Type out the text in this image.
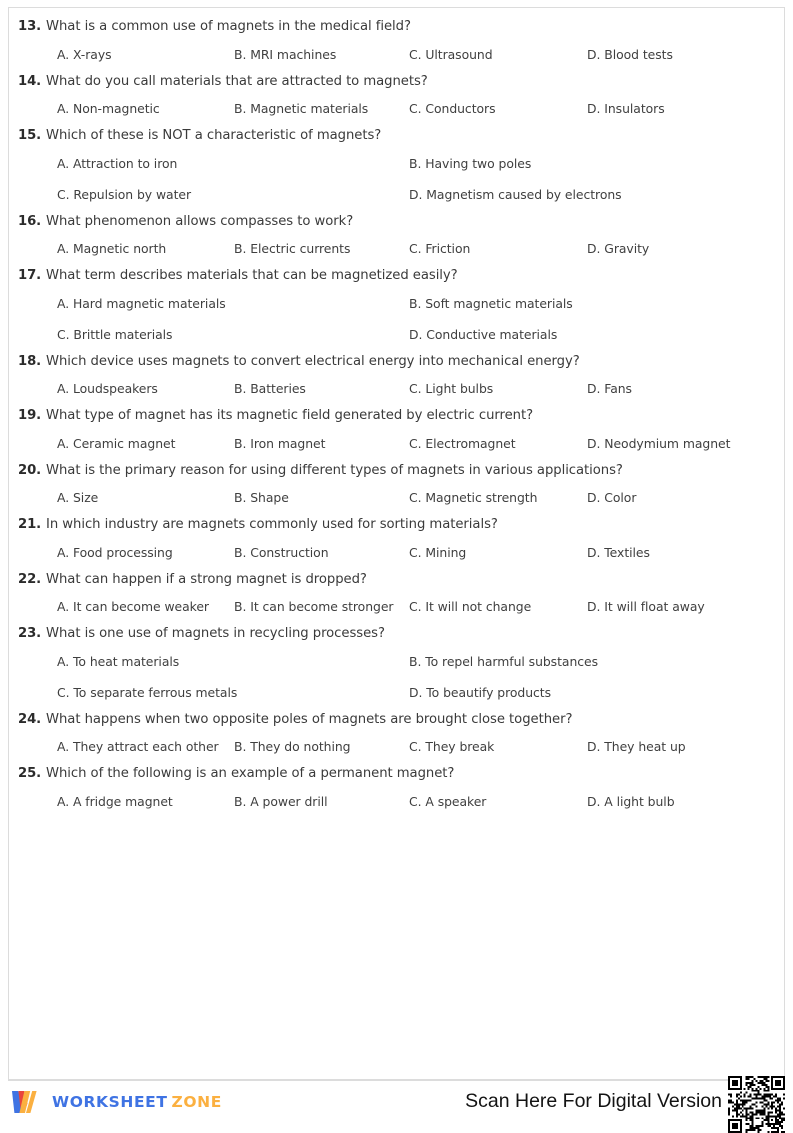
13. What is a common use of magnets in the medical field?
A. X-rays	B. MRI machines	C. Ultrasound	D. Blood tests
14. What do you call materials that are attracted to magnets?
A. Non-magnetic	B. Magnetic materials	C. Conductors	D. Insulators
15. Which of these is NOT a characteristic of magnets?
A. Attraction to iron	B. Having two poles
C. Repulsion by water	D. Magnetism caused by electrons
16. What phenomenon allows compasses to work?
A. Magnetic north	B. Electric currents	C. Friction	D. Gravity
17. What term describes materials that can be magnetized easily?
A. Hard magnetic materials	B. Soft magnetic materials
C. Brittle materials	D. Conductive materials
18. Which device uses magnets to convert electrical energy into mechanical energy?
A. Loudspeakers	B. Batteries	C. Light bulbs	D. Fans
19. What type of magnet has its magnetic field generated by electric current?
A. Ceramic magnet	B. Iron magnet	C. Electromagnet	D. Neodymium magnet
20. What is the primary reason for using different types of magnets in various applications?
A. Size	B. Shape	C. Magnetic strength	D. Color
21. In which industry are magnets commonly used for sorting materials?
A. Food processing	B. Construction	C. Mining	D. Textiles
22. What can happen if a strong magnet is dropped?
A. It can become weaker B. It can become stronger C. It will not change	D. It will float away
23. What is one use of magnets in recycling processes?
A. To heat materials	B. To repel harmful substances
C. To separate ferrous metals	D. To beautify products
24. What happens when two opposite poles of magnets are brought close together?
A. They attract each other B. They do nothing	C. They break	D. They heat up
25. Which of the following is an example of a permanent magnet?
A. A fridge magnet	B. A power drill	C. A speaker	D. A light bulb
WORKSHEET ZONE	Scan Here For Digital Version
